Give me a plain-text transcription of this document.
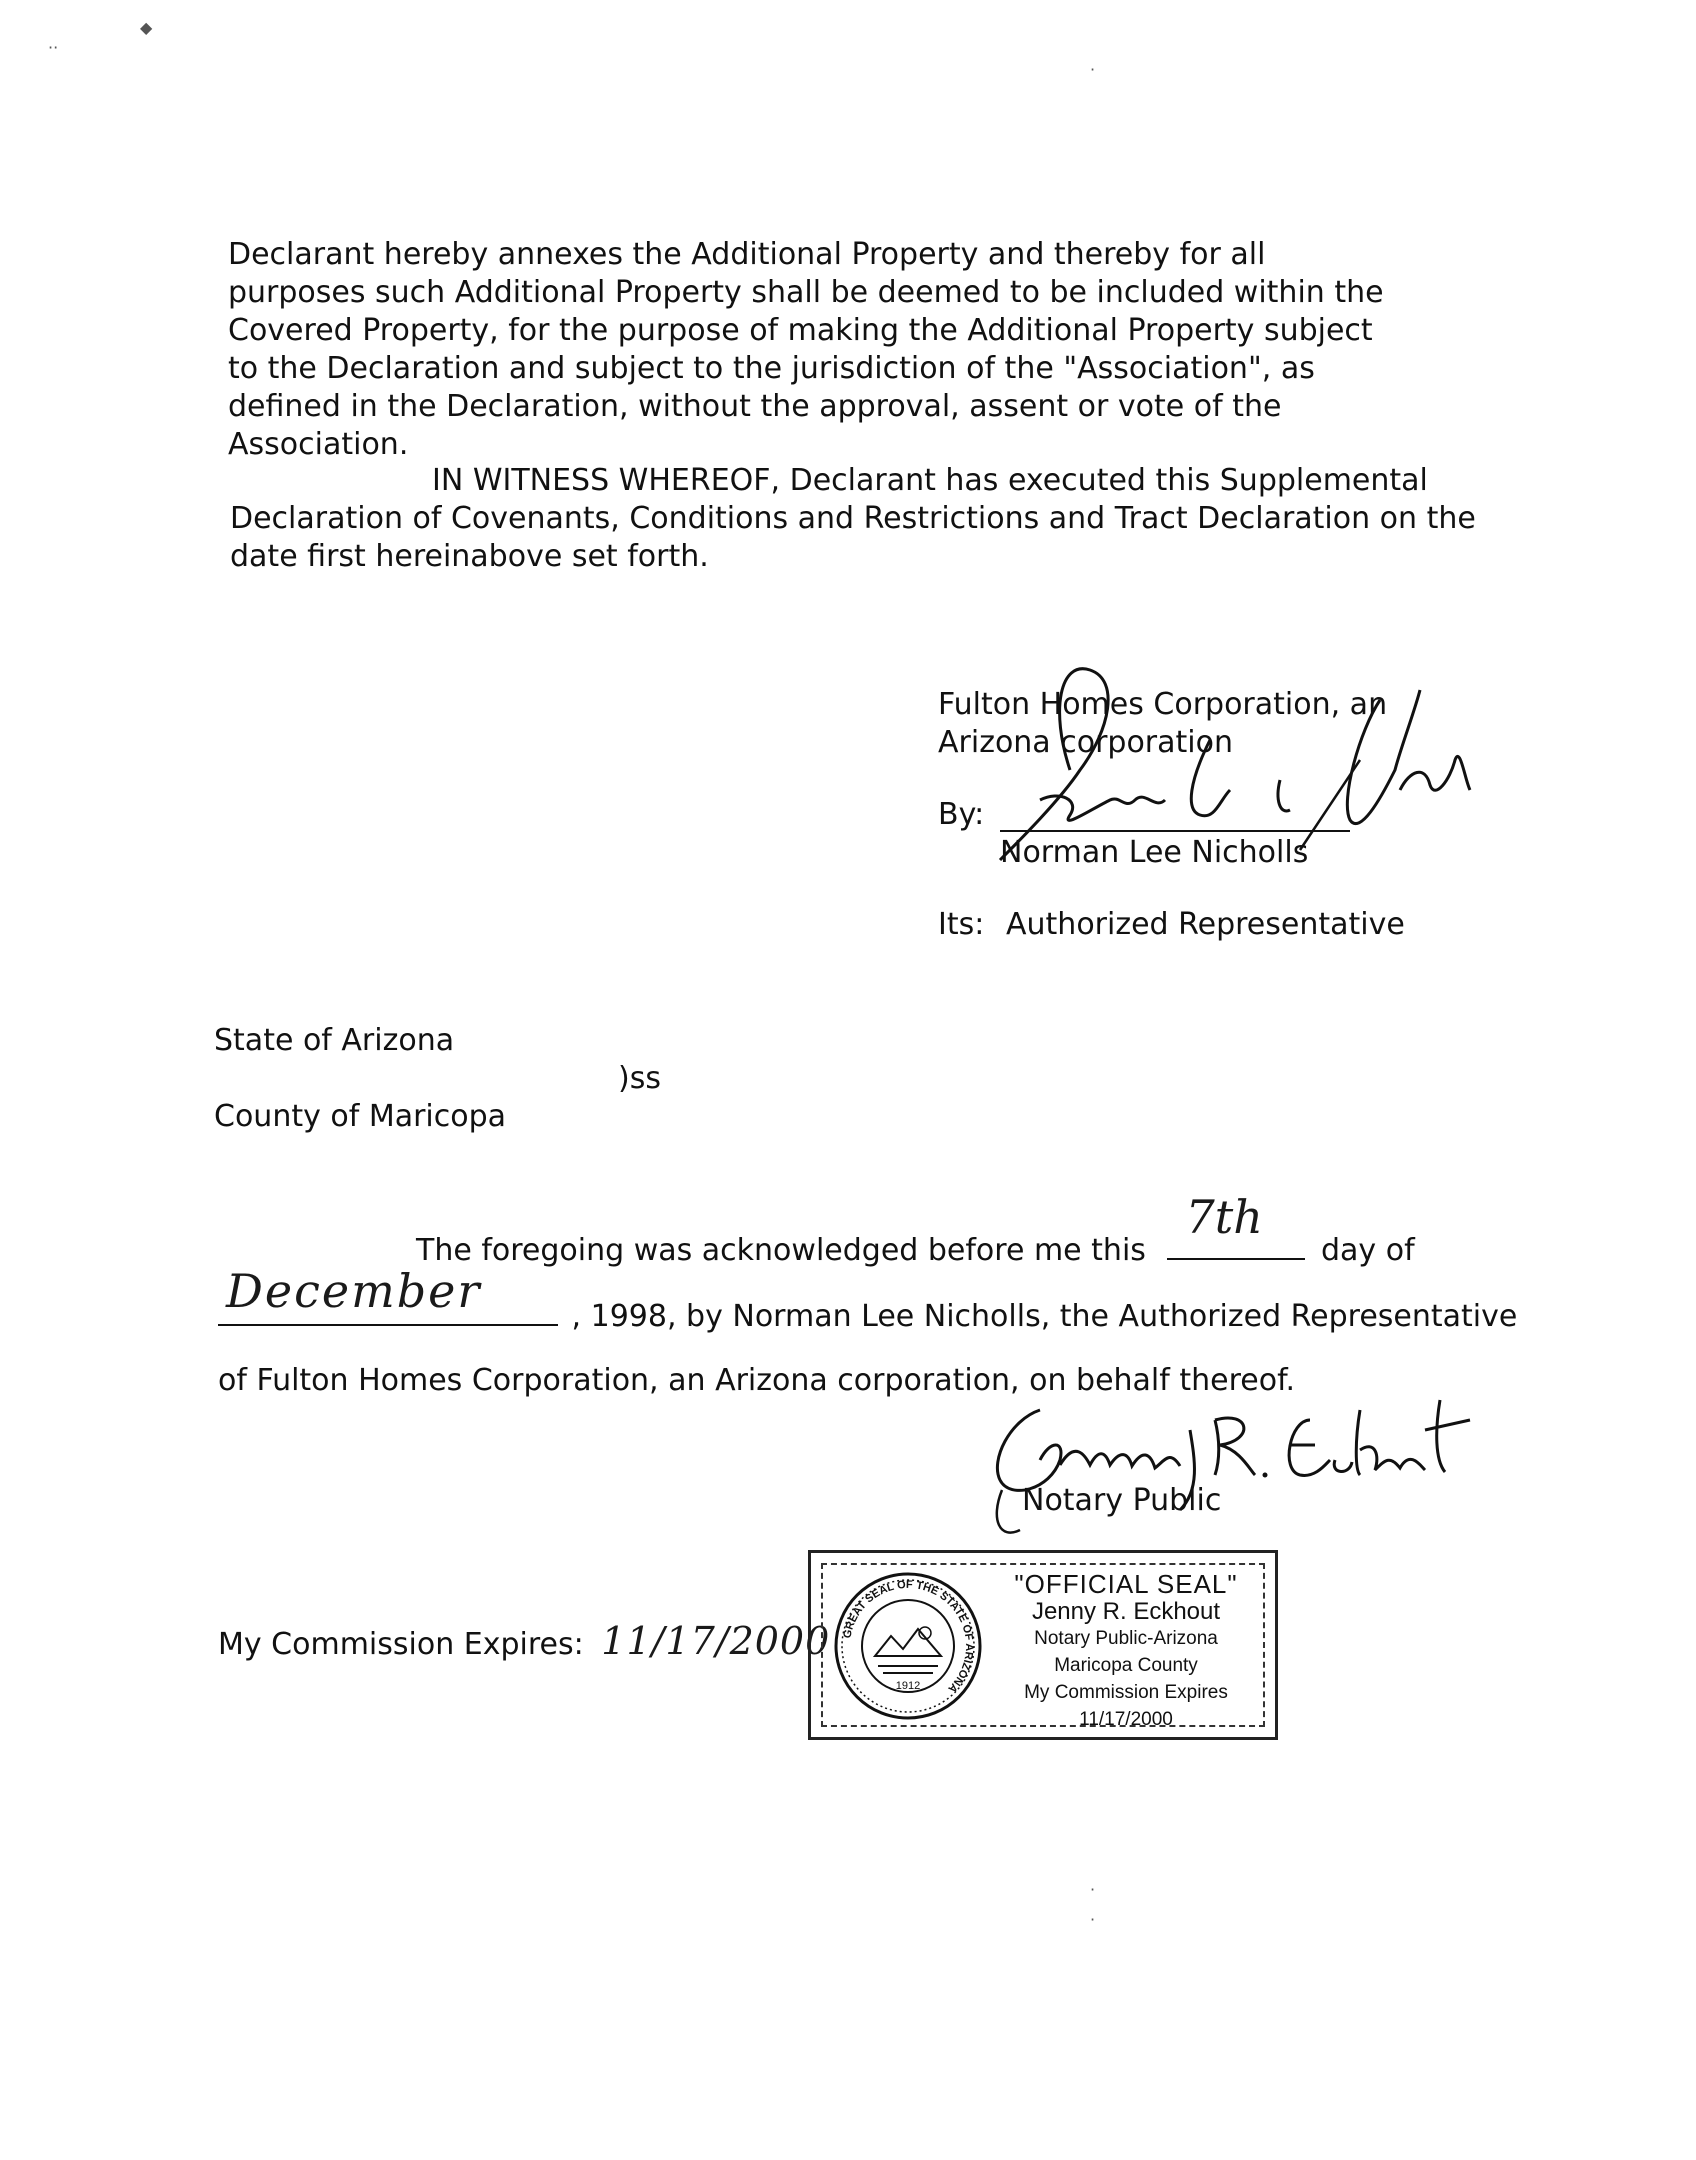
◆
··

Declarant hereby annexes the Additional Property and thereby for all purposes such Additional Property shall be deemed to be included within the Covered Property, for the purpose of making the Additional Property subject to the Declaration and subject to the jurisdiction of the "Association", as defined in the Declaration, without the approval, assent or vote of the Association.

IN WITNESS WHEREOF, Declarant has executed this Supplemental
Declaration of Covenants, Conditions and Restrictions and Tract Declaration on the
date first hereinabove set forth.
Fulton Homes Corporation, an
Arizona corporation
By:
Norman Lee Nicholls
Its: Authorized Representative
State of Arizona
)ss
County of Maricopa
The foregoing was acknowledged before me this
7th
day of
December	, 1998, by Norman Lee Nicholls, the Authorized Representative
of Fulton Homes Corporation, an Arizona corporation, on behalf thereof.
Notary Public
My Commission Expires: 11/17/2000 GREAT SEAL OF THE STATE OF ARIZONA
1912
"OFFICIAL SEAL"
Jenny R. Eckhout
Notary Public-Arizona
Maricopa County
My Commission Expires 11/17/2000
·
·
·
